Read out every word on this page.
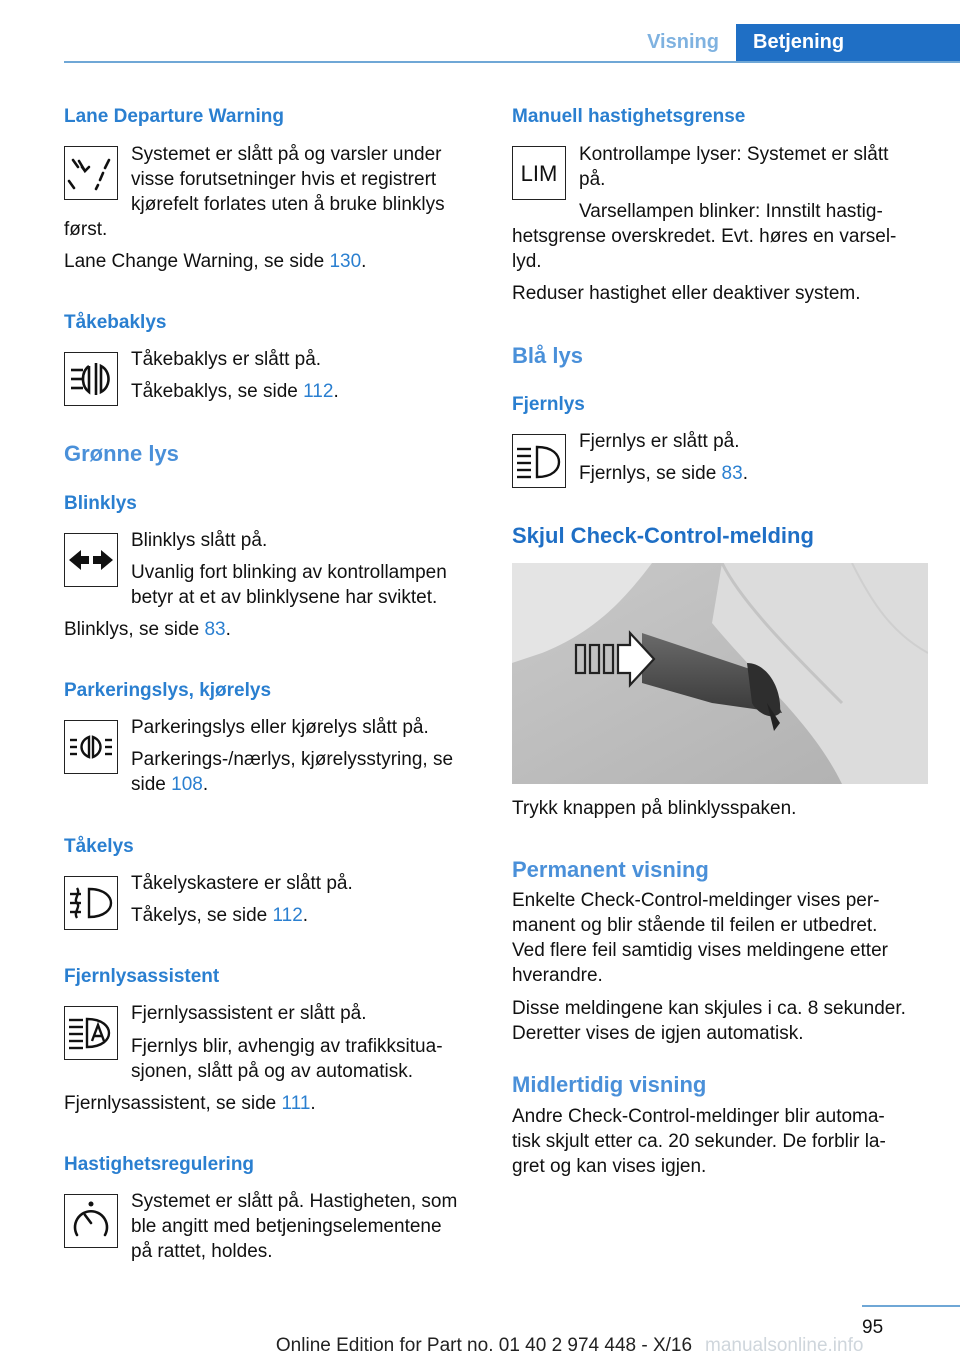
Visning	Betjening
Lane Departure Warning

Systemet er slått på og varsler under

visse forutsetninger hvis et registrert

kjørefelt forlates uten å bruke blinklys

først.

Lane Change Warning, se side 130.

Tåkebaklys

Tåkebaklys er slått på.

Tåkebaklys, se side 112.

Grønne lys
Blinklys

Blinklys slått på.

Uvanlig fort blinking av kontrollampen

betyr at et av blinklysene har sviktet.

Blinklys, se side 83.

Parkeringslys, kjørelys

Parkeringslys eller kjørelys slått på.

Parkerings-/nærlys, kjørelysstyring, se

side 108.

Tåkelys

Tåkelyskastere er slått på.

Tåkelys, se side 112.

Fjernlysassistent

Fjernlysassistent er slått på.

Fjernlys blir, avhengig av trafikksitua-

sjonen, slått på og av automatisk.

Fjernlysassistent, se side 111.

Hastighetsregulering

Systemet er slått på. Hastigheten, som

ble angitt med betjeningselementene

på rattet, holdes.

Manuell hastighetsgrense
LIM

Kontrollampe lyser: Systemet er slått

på.

Varsellampen blinker: Innstilt hastig-

hetsgrense overskredet. Evt. høres en varsel-

lyd.

Reduser hastighet eller deaktiver system.

Blå lys
Fjernlys

Fjernlys er slått på.

Fjernlys, se side 83.

Skjul Check-Control-melding

Trykk knappen på blinklysspaken.

Permanent visning

Enkelte Check-Control-meldinger vises per-

manent og blir stående til feilen er utbedret.

Ved flere feil samtidig vises meldingene etter

hverandre.

Disse meldingene kan skjules i ca. 8 sekunder.

Deretter vises de igjen automatisk.

Midlertidig visning

Andre Check-Control-meldinger blir automa-

tisk skjult etter ca. 20 sekunder. De forblir la-

gret og kan vises igjen.

95
Online Edition for Part no. 01 40 2 974 448 - X/16 manualsonline.info
